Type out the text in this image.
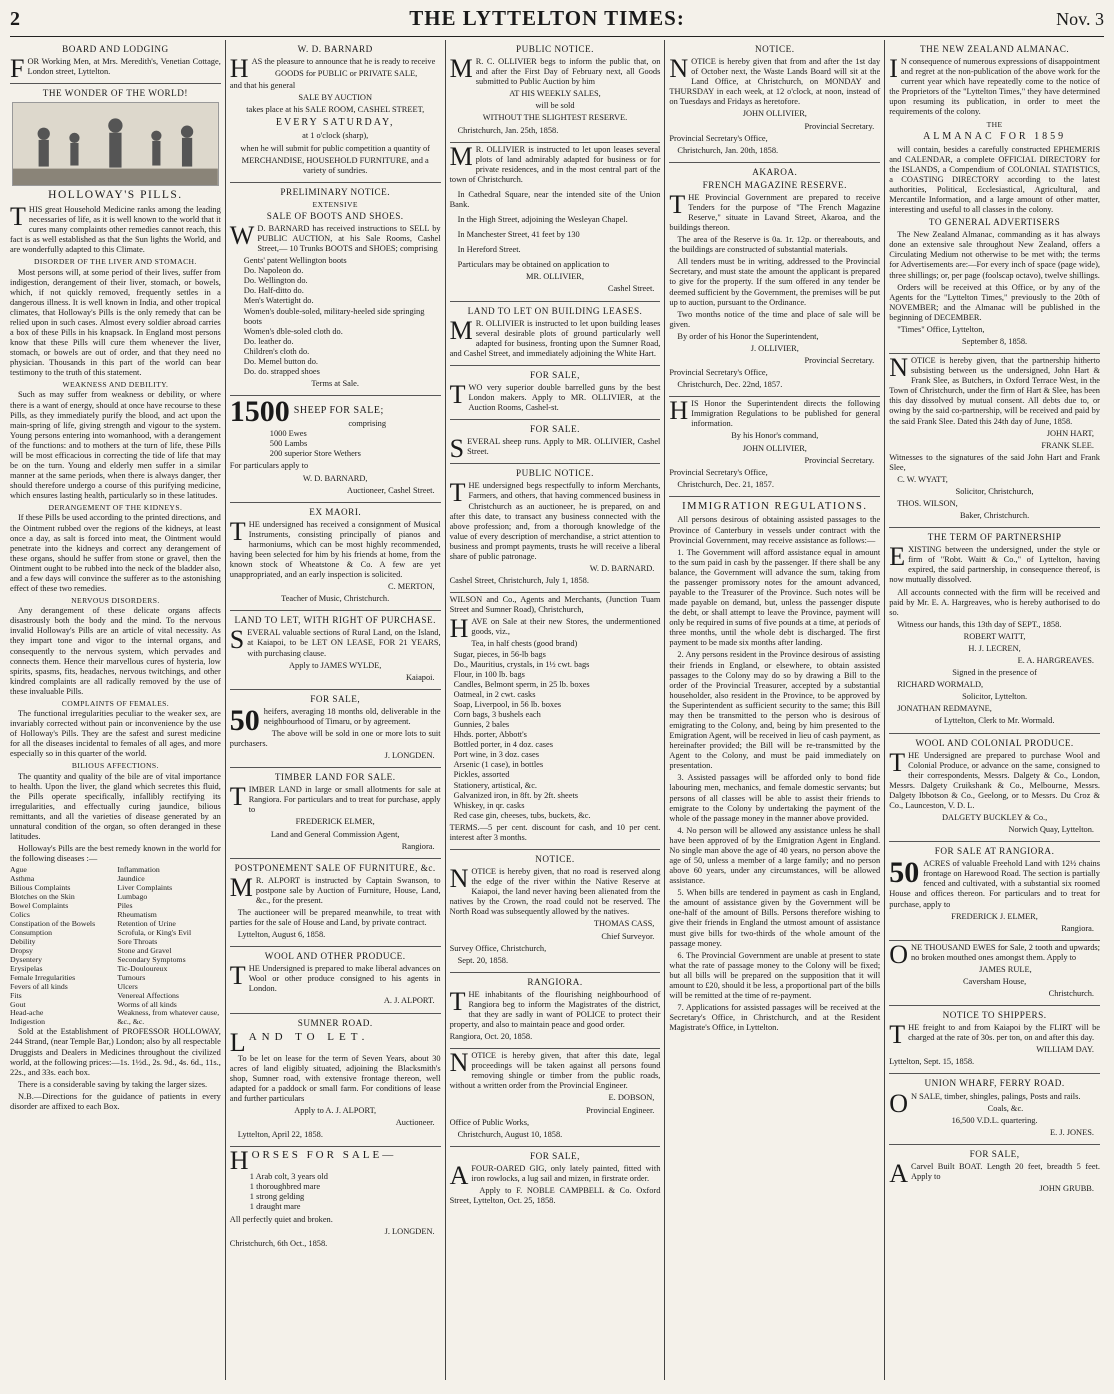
2	THE LYTTELTON TIMES:	Nov. 3
BOARD AND LODGING

FOR Working Men, at Mrs. Meredith's, Venetian Cottage, London street, Lyttelton.

THE WONDER OF THE WORLD!
HOLLOWAY'S PILLS.

THIS great Household Medicine ranks among the leading necessaries of life, as it is well known to the world that it cures many complaints other remedies cannot reach, this fact is as well established as that the Sun lights the World, and are wonderfully adapted to this Climate.

DISORDER OF THE LIVER AND STOMACH.

Most persons will, at some period of their lives, suffer from indigestion, derangement of their liver, stomach, or bowels, which, if not quickly removed, frequently settles in a dangerous illness. It is well known in India, and other tropical climates, that Holloway's Pills is the only remedy that can be relied upon in such cases. Almost every soldier abroad carries a box of these Pills in his knapsack. In England most persons know that these Pills will cure them whenever the liver, stomach, or bowels are out of order, and that they need no physician. Thousands in this part of the world can bear testimony to the truth of this statement.

WEAKNESS AND DEBILITY.

Such as may suffer from weakness or debility, or where there is a want of energy, should at once have recourse to these Pills, as they immediately purify the blood, and act upon the main-spring of life, giving strength and vigour to the system. Young persons entering into womanhood, with a derangement of the functions: and to mothers at the turn of life, these Pills will be most efficacious in correcting the tide of life that may be on the turn. Young and elderly men suffer in a similar manner at the same periods, when there is always danger, ther should therefore undergo a course of this purifying medicine, which ensures lasting health, particularly so in these latitudes.

DERANGEMENT OF THE KIDNEYS.

If these Pills be used according to the printed directions, and the Ointment rubbed over the regions of the kidneys, at least once a day, as salt is forced into meat, the Ointment would penetrate into the kidneys and correct any derangement of these organs, should he suffer from stone or gravel, then the Ointment ought to be rubbed into the neck of the bladder also, and a few days will convince the sufferer as to the astonishing effect of these two remedies.

NERVOUS DISORDERS.

Any derangement of these delicate organs affects disastrously both the body and the mind. To the nervous invalid Holloway's Pills are an article of vital necessity. As they impart tone and vigor to the internal organs, and consequently to the nervous system, which pervades and connects them. Hence their marvellous cures of hysteria, low spirits, spasms, fits, headaches, nervous twitchings, and other kindred complaints are all radically removed by the use of these invaluable Pills.

COMPLAINTS OF FEMALES.

The functional irregularities peculiar to the weaker sex, are invariably corrected without pain or inconvenience by the use of Holloway's Pills. They are the safest and surest medicine for all the diseases incidental to females of all ages, and more especially so in this quarter of the world.

BILIOUS AFFECTIONS.

The quantity and quality of the bile are of vital importance to health. Upon the liver, the gland which secretes this fluid, the Pills operate specifically, infallibly rectifying its irregularities, and effectually curing jaundice, bilious remittants, and all the varieties of disease generated by an unnatural condition of the organ, so often deranged in these latitudes.

Holloway's Pills are the best remedy known in the world for the following diseases :—

Ague
Asthma
Bilious Complaints
Blotches on the Skin
Bowel Complaints
Colics
Constipation of the Bowels
Consumption
Debility
Dropsy
Dysentery
Erysipelas
Female Irregularities
Fevers of all kinds
Fits
Gout
Head-ache
Indigestion
Inflammation
Jaundice
Liver Complaints
Lumbago
Piles
Rheumatism
Retention of Urine
Scrofula, or King's Evil
Sore Throats
Stone and Gravel
Secondary Symptoms
Tic-Douloureux
Tumours
Ulcers
Venereal Affections
Worms of all kinds
Weakness, from whatever cause, &c., &c.

Sold at the Establishment of PROFESSOR HOLLOWAY, 244 Strand, (near Temple Bar,) London; also by all respectable Druggists and Dealers in Medicines throughout the civilized world, at the following prices:—1s. 1½d., 2s. 9d., 4s. 6d., 11s., 22s., and 33s. each box.

There is a considerable saving by taking the larger sizes.

N.B.—Directions for the guidance of patients in every disorder are affixed to each Box.

W. D. BARNARD

HAS the pleasure to announce that he is ready to receive

GOODS for PUBLIC or PRIVATE SALE,

and that his general

SALE BY AUCTION

takes place at his SALE ROOM, CASHEL STREET,

EVERY SATURDAY,

at 1 o'clock (sharp),

when he will submit for public competition a quantity of

MERCHANDISE, HOUSEHOLD FURNITURE, and a variety of sundries.

PRELIMINARY NOTICE.
EXTENSIVE
SALE OF BOOTS AND SHOES.

W D. BARNARD has received instructions to SELL by PUBLIC AUCTION, at his Sale Rooms, Cashel Street,— 10 Trunks BOOTS and SHOES; comprising

Gents' patent Wellington boots
Do. Napoleon do.
Do. Wellington do.
Do. Half-ditto do.
Men's Watertight do.
Women's double-soled, military-heeled side springing boots
Women's dble-soled cloth do.
Do. leather do.
Children's cloth do.
Do. Memel button do.
Do. do. strapped shoes

Terms at Sale.

1500 SHEEP FOR SALE;
comprising
1000 Ewes
500 Lambs
200 superior Store Wethers

For particulars apply to

W. D. BARNARD,

Auctioneer, Cashel Street.

EX MAORI.

THE undersigned has received a consignment of Musical Instruments, consisting principally of pianos and harmoniums, which can be most highly recommended, having been selected for him by his friends at home, from the known stock of Wheatstone & Co. A few are yet unappropriated, and an early inspection is solicited.

C. MERTON,

Teacher of Music, Christchurch.

LAND TO LET, WITH RIGHT OF PURCHASE.

SEVERAL valuable sections of Rural Land, on the Island, at Kaiapoi, to be LET ON LEASE, FOR 21 YEARS, with purchasing clause.

Apply to JAMES WYLDE,

Kaiapoi.

FOR SALE,

50 heifers, averaging 18 months old, deliverable in the neighbourhood of Timaru, or by agreement.

The above will be sold in one or more lots to suit purchasers.

J. LONGDEN.

TIMBER LAND FOR SALE.

TIMBER LAND in large or small allotments for sale at Rangiora. For particulars and to treat for purchase, apply to

FREDERICK ELMER,

Land and General Commission Agent,

Rangiora.

POSTPONEMENT SALE OF FURNITURE, &c.

M R. ALPORT is instructed by Captain Swanson, to postpone sale by Auction of Furniture, House, Land, &c., for the present.

The auctioneer will be prepared meanwhile, to treat with parties for the sale of House and Land, by private contract.

Lyttelton, August 6, 1858.

WOOL AND OTHER PRODUCE.

THE Undersigned is prepared to make liberal advances on Wool or other produce consigned to his agents in London.

A. J. ALPORT.

SUMNER ROAD.
LAND TO LET.

To be let on lease for the term of Seven Years, about 30 acres of land eligibly situated, adjoining the Blacksmith's shop, Sumner road, with extensive frontage thereon, well adapted for a paddock or small farm. For conditions of lease and further particulars

Apply to A. J. ALPORT,

Auctioneer.

Lyttelton, April 22, 1858.

HORSES FOR SALE—
1 Arab colt, 3 years old
1 thoroughbred mare
1 strong gelding
1 draught mare

All perfectly quiet and broken.

J. LONGDEN.

Christchurch, 6th Oct., 1858.

PUBLIC NOTICE.

M R. C. OLLIVIER begs to inform the public that, on and after the First Day of February next, all Goods submitted to Public Auction by him

AT HIS WEEKLY SALES,

will be sold

WITHOUT THE SLIGHTEST RESERVE.

Christchurch, Jan. 25th, 1858.

M R. OLLIVIER is instructed to let upon leases several plots of land admirably adapted for business or for private residences, and in the most central part of the town of Christchurch.

In Cathedral Square, near the intended site of the Union Bank.

In the High Street, adjoining the Wesleyan Chapel.

In Manchester Street, 41 feet by 130

In Hereford Street.

Particulars may be obtained on application to

MR. OLLIVIER,

Cashel Street.

LAND TO LET ON BUILDING LEASES.

M R. OLLIVIER is instructed to let upon building leases several desirable plots of ground particularly well adapted for business, fronting upon the Sumner Road, and Cashel Street, and immediately adjoining the White Hart.

FOR SALE,

TWO very superior double barrelled guns by the best London makers. Apply to MR. OLLIVIER, at the Auction Rooms, Cashel-st.

FOR SALE.

SEVERAL sheep runs. Apply to MR. OLLIVIER, Cashel Street.

PUBLIC NOTICE.

THE undersigned begs respectfully to inform Merchants, Farmers, and others, that having commenced business in Christchurch as an auctioneer, he is prepared, on and after this date, to transact any business connected with the above profession; and, from a thorough knowledge of the value of every description of merchandise, a strict attention to business and prompt payments, trusts he will receive a liberal share of public patronage.

W. D. BARNARD.

Cashel Street, Christchurch, July 1, 1858.

WILSON and Co., Agents and Merchants, (Junction Tuam Street and Sumner Road), Christchurch,

HAVE on Sale at their new Stores, the undermentioned goods, viz.,

Tea, in half chests (good brand)
Sugar, pieces, in 56-lb bags
Do., Mauritius, crystals, in 1½ cwt. bags
Flour, in 100 lb. bags
Candles, Belmont sperm, in 25 lb. boxes
Oatmeal, in 2 cwt. casks
Soap, Liverpool, in 56 lb. boxes
Corn bags, 3 bushels each
Gunnies, 2 bales
Hhds. porter, Abbott's
Bottled porter, in 4 doz. cases
Port wine, in 3 doz. cases
Arsenic (1 case), in bottles
Pickles, assorted
Stationery, artistical, &c.
Galvanized iron, in 8ft. by 2ft. sheets
Whiskey, in qr. casks
Red case gin, cheeses, tubs, buckets, &c.

TERMS.—5 per cent. discount for cash, and 10 per cent. interest after 3 months.

NOTICE.

NOTICE is hereby given, that no road is reserved along the edge of the river within the Native Reserve at Kaiapoi, the land never having been alienated from the natives by the Crown, the road could not be reserved. The North Road was subsequently allowed by the natives.

THOMAS CASS,

Chief Surveyor.

Survey Office, Christchurch,

Sept. 20, 1858.

RANGIORA.

THE inhabitants of the flourishing neighbourhood of Rangiora beg to inform the Magistrates of the district, that they are sadly in want of POLICE to protect their property, and also to maintain peace and good order.

Rangiora, Oct. 20, 1858.

NOTICE is hereby given, that after this date, legal proceedings will be taken against all persons found removing shingle or timber from the public roads, without a written order from the Provincial Engineer.

E. DOBSON,

Provincial Engineer.

Office of Public Works,

Christchurch, August 10, 1858.

FOR SALE,

AFOUR-OARED GIG, only lately painted, fitted with iron rowlocks, a lug sail and mizen, in firstrate order.

Apply to F. NOBLE CAMPBELL & Co. Oxford Street, Lyttelton, Oct. 25, 1858.

NOTICE.

NOTICE is hereby given that from and after the 1st day of October next, the Waste Lands Board will sit at the Land Office, at Christchurch, on MONDAY and THURSDAY in each week, at 12 o'clock, at noon, instead of on Tuesdays and Fridays as heretofore.

JOHN OLLIVIER,

Provincial Secretary.

Provincial Secretary's Office,

Christchurch, Jan. 20th, 1858.

AKAROA.
FRENCH MAGAZINE RESERVE.

THE Provincial Government are prepared to receive Tenders for the purpose of "The French Magazine Reserve," situate in Lavand Street, Akaroa, and the buildings thereon.

The area of the Reserve is 0a. 1r. 12p. or thereabouts, and the buildings are constructed of substantial materials.

All tenders must be in writing, addressed to the Provincial Secretary, and must state the amount the applicant is prepared to give for the property. If the sum offered in any tender be deemed sufficient by the Government, the premises will be put up to auction, pursuant to the Ordinance.

Two months notice of the time and place of sale will be given.

By order of his Honor the Superintendent,

J. OLLIVIER,

Provincial Secretary.

Provincial Secretary's Office,

Christchurch, Dec. 22nd, 1857.

HIS Honor the Superintendent directs the following Immigration Regulations to be published for general information.

By his Honor's command,

JOHN OLLIVIER,

Provincial Secretary.

Provincial Secretary's Office,

Christchurch, Dec. 21, 1857.

IMMIGRATION REGULATIONS.

All persons desirous of obtaining assisted passages to the Province of Canterbury in vessels under contract with the Provincial Government, may receive assistance as follows:—

1. The Government will afford assistance equal in amount to the sum paid in cash by the passenger. If there shall be any balance, the Government will advance the sum, taking from the passenger promissory notes for the amount advanced, payable to the Treasurer of the Province. Such notes will be made payable on demand, but, unless the passenger dispute the debt, or shall attempt to leave the Province, payment will only be required in sums of five pounds at a time, at periods of three months, until the whole debt is discharged. The first payment to be made six months after landing.

2. Any persons resident in the Province desirous of assisting their friends in England, or elsewhere, to obtain assisted passages to the Colony may do so by drawing a Bill to the order of the Provincial Treasurer, accepted by a substantial householder, also resident in the Province, to be approved by the Superintendent as sufficient security to the same; this Bill may then be transmitted to the person who is desirous of emigrating to the Colony, and, being by him presented to the Emigration Agent, will be received in lieu of cash payment, as hereinafter provided; the Bill will be re-transmitted by the Agent to the Colony, and must be paid immediately on presentation.

3. Assisted passages will be afforded only to bond fide labouring men, mechanics, and female domestic servants; but persons of all classes will be able to assist their friends to emigrate to the Colony by undertaking the payment of the whole of the passage money in the manner above provided.

4. No person will be allowed any assistance unless he shall have been approved of by the Emigration Agent in England. No single man above the age of 40 years, no person above the age of 50, unless a member of a large family; and no person above 60 years, under any circumstances, will be allowed assistance.

5. When bills are tendered in payment as cash in England, the amount of assistance given by the Government will be one-half of the amount of Bills. Persons therefore wishing to give their friends in England the utmost amount of assistance must give bills for two-thirds of the whole amount of the passage money.

6. The Provincial Government are unable at present to state what the rate of passage money to the Colony will be fixed; but all bills will be prepared on the supposition that it will amount to £20, should it be less, a proportional part of the bills will be remitted at the time of re-payment.

7. Applications for assisted passages will be received at the Secretary's Office, in Christchurch, and at the Resident Magistrate's Office, in Lyttelton.

THE NEW ZEALAND ALMANAC.

I N consequence of numerous expressions of disappointment and regret at the non-publication of the above work for the current year which have repeatedly come to the notice of the Proprietors of the "Lyttelton Times," they have determined upon resuming its publication, in order to meet the requirements of the colony.

THE
ALMANAC FOR 1859

will contain, besides a carefully constructed EPHEMERIS and CALENDAR, a complete OFFICIAL DIRECTORY for the ISLANDS, a Compendium of COLONIAL STATISTICS, a COASTING DIRECTORY according to the latest authorities, Political, Ecclesiastical, Agricultural, and Mercantile Information, and a large amount of other matter, interesting and useful to all classes in the colony.

TO GENERAL ADVERTISERS

The New Zealand Almanac, commanding as it has always done an extensive sale throughout New Zealand, offers a Circulating Medium not otherwise to be met with; the terms for Advertisements are:—For every inch of space (page wide), three shillings; or, per page (foolscap octavo), twelve shillings.

Orders will be received at this Office, or by any of the Agents for the "Lyttelton Times," previously to the 20th of NOVEMBER; and the Almanac will be published in the beginning of DECEMBER.

"Times" Office, Lyttelton,

September 8, 1858.

NOTICE is hereby given, that the partnership hitherto subsisting between us the undersigned, John Hart & Frank Slee, as Butchers, in Oxford Terrace West, in the Town of Christchurch, under the firm of Hart & Slee, has been this day dissolved by mutual consent. All debts due to, or owing by the said co-partnership, will be received and paid by the said Frank Slee. Dated this 24th day of June, 1858.

JOHN HART,

FRANK SLEE.

Witnesses to the signatures of the said John Hart and Frank Slee,

C. W. WYATT,

Solicitor, Christchurch,

THOS. WILSON,

Baker, Christchurch.

THE TERM OF PARTNERSHIP

EXISTING between the undersigned, under the style or firm of "Robt. Waitt & Co.," of Lyttelton, having expired, the said partnership, in consequence thereof, is now mutually dissolved.

All accounts connected with the firm will be received and paid by Mr. E. A. Hargreaves, who is hereby authorised to do so.

Witness our hands, this 13th day of SEPT., 1858.

ROBERT WAITT,

H. J. LECREN,

E. A. HARGREAVES.

Signed in the presence of

RICHARD WORMALD,

Solicitor, Lyttelton.

JONATHAN REDMAYNE,

of Lyttelton, Clerk to Mr. Wormald.

WOOL AND COLONIAL PRODUCE.

THE Undersigned are prepared to purchase Wool and Colonial Produce, or advance on the same, consigned to their correspondents, Messrs. Dalgety & Co., London, Messrs. Dalgety Cruikshank & Co., Melbourne, Messrs. Dalgety Ibbotson & Co., Geelong, or to Messrs. Du Croz & Co., Launceston, V. D. L.

DALGETY BUCKLEY & Co.,

Norwich Quay, Lyttelton.

FOR SALE AT RANGIORA.

50 ACRES of valuable Freehold Land with 12½ chains frontage on Harewood Road. The section is partially fenced and cultivated, with a substantial six roomed House and offices thereon. For particulars and to treat for purchase, apply to

FREDERICK J. ELMER,

Rangiora.

ONE THOUSAND EWES for Sale, 2 tooth and upwards; no broken mouthed ones amongst them. Apply to

JAMES RULE,

Caversham House,

Christchurch.

NOTICE TO SHIPPERS.

THE freight to and from Kaiapoi by the FLIRT will be charged at the rate of 30s. per ton, on and after this day.

WILLIAM DAY.

Lyttelton, Sept. 15, 1858.

UNION WHARF, FERRY ROAD.

O N SALE, timber, shingles, palings, Posts and rails.

Coals, &c.

16,500 V.D.L. quartering.

E. J. JONES.

FOR SALE,

A Carvel Built BOAT. Length 20 feet, breadth 5 feet. Apply to

JOHN GRUBB.
